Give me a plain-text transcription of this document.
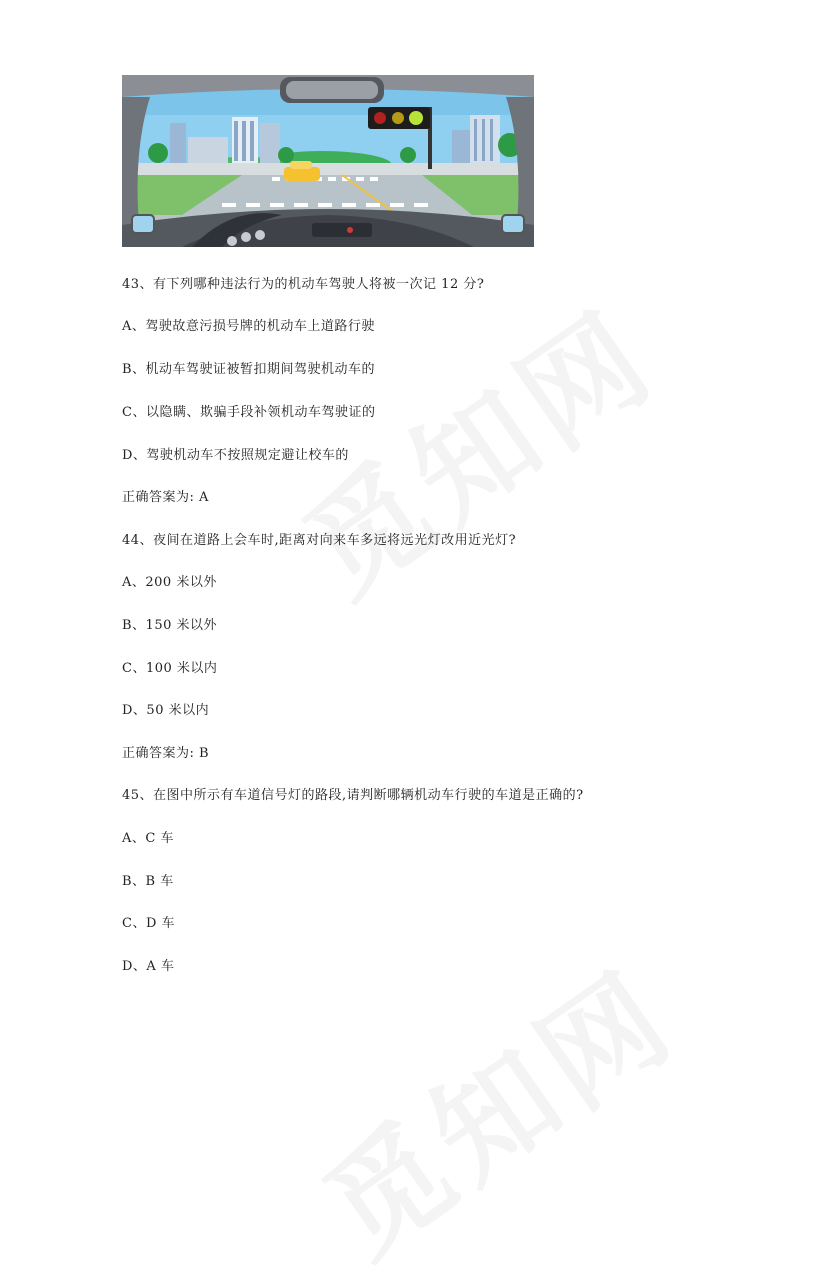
43、有下列哪种违法行为的机动车驾驶人将被一次记 12 分?
A、驾驶故意污损号牌的机动车上道路行驶
B、机动车驾驶证被暂扣期间驾驶机动车的
C、以隐瞒、欺骗手段补领机动车驾驶证的
D、驾驶机动车不按照规定避让校车的
正确答案为: A
44、夜间在道路上会车时,距离对向来车多远将远光灯改用近光灯?
A、200 米以外
B、150 米以外
C、100 米以内
D、50 米以内
正确答案为: B
45、在图中所示有车道信号灯的路段,请判断哪辆机动车行驶的车道是正确的?
A、C 车
B、B 车
C、D 车
D、A 车
